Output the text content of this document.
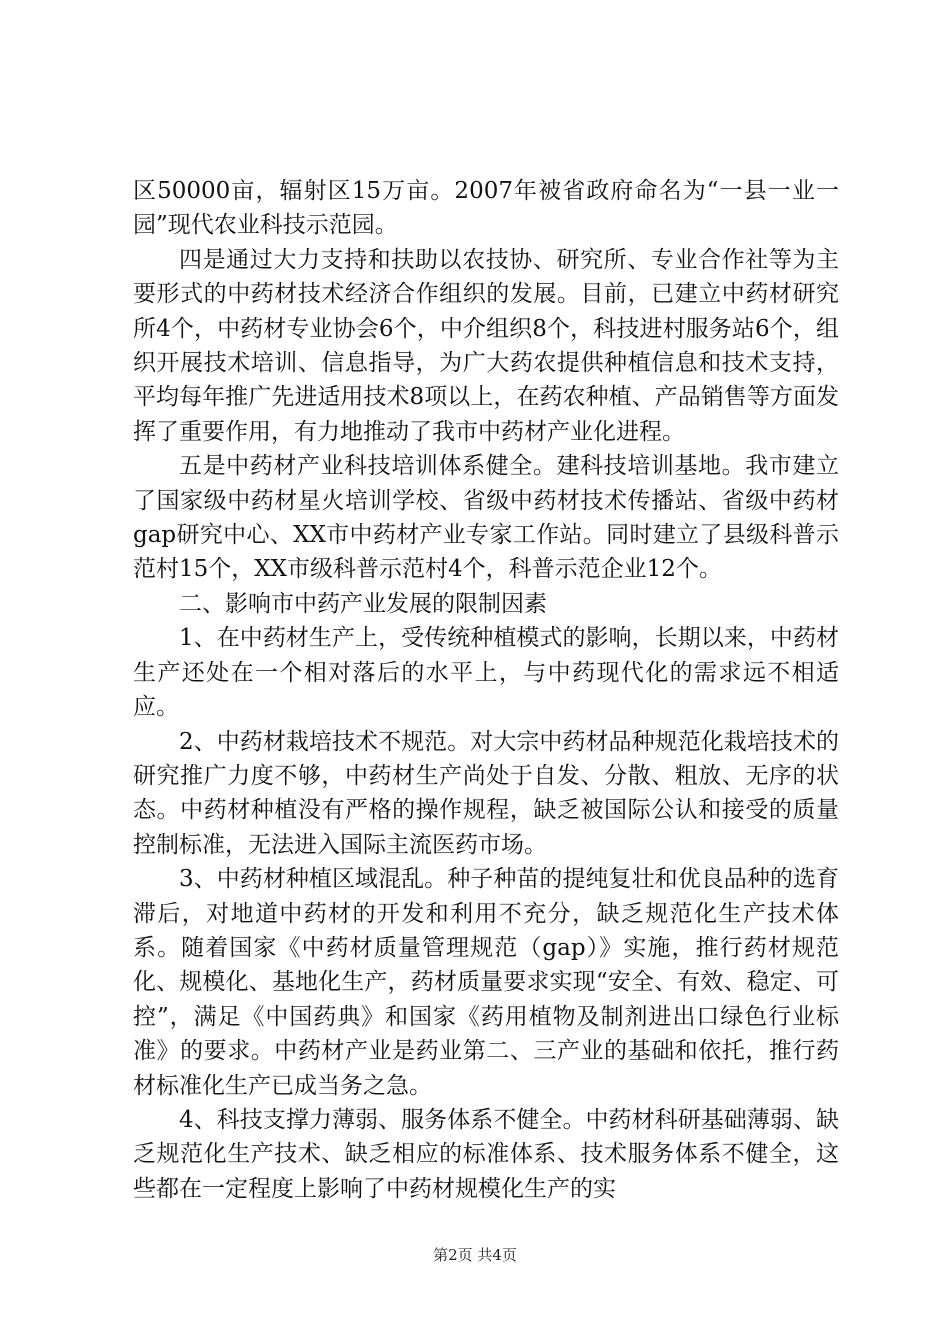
区50000亩，辐射区15万亩。2007年被省政府命名为“一县一业一园”现代农业科技示范园。

四是通过大力支持和扶助以农技协、研究所、专业合作社等为主要形式的中药材技术经济合作组织的发展。目前，已建立中药材研究所4个，中药材专业协会6个，中介组织8个，科技进村服务站6个，组织开展技术培训、信息指导，为广大药农提供种植信息和技术支持，平均每年推广先进适用技术8项以上，在药农种植、产品销售等方面发挥了重要作用，有力地推动了我市中药材产业化进程。

五是中药材产业科技培训体系健全。建科技培训基地。我市建立了国家级中药材星火培训学校、省级中药材技术传播站、省级中药材gap研究中心、XX市中药材产业专家工作站。同时建立了县级科普示范村15个，XX市级科普示范村4个，科普示范企业12个。

二、影响市中药产业发展的限制因素

1、在中药材生产上，受传统种植模式的影响，长期以来，中药材生产还处在一个相对落后的水平上，与中药现代化的需求远不相适应。

2、中药材栽培技术不规范。对大宗中药材品种规范化栽培技术的研究推广力度不够，中药材生产尚处于自发、分散、粗放、无序的状态。中药材种植没有严格的操作规程，缺乏被国际公认和接受的质量控制标准，无法进入国际主流医药市场。

3、中药材种植区域混乱。种子种苗的提纯复壮和优良品种的选育滞后，对地道中药材的开发和利用不充分，缺乏规范化生产技术体系。随着国家《中药材质量管理规范（gap）》实施，推行药材规范化、规模化、基地化生产，药材质量要求实现“安全、有效、稳定、可控”，满足《中国药典》和国家《药用植物及制剂进出口绿色行业标准》的要求。中药材产业是药业第二、三产业的基础和依托，推行药材标准化生产已成当务之急。

4、科技支撑力薄弱、服务体系不健全。中药材科研基础薄弱、缺乏规范化生产技术、缺乏相应的标准体系、技术服务体系不健全，这些都在一定程度上影响了中药材规模化生产的实

第2页 共4页
